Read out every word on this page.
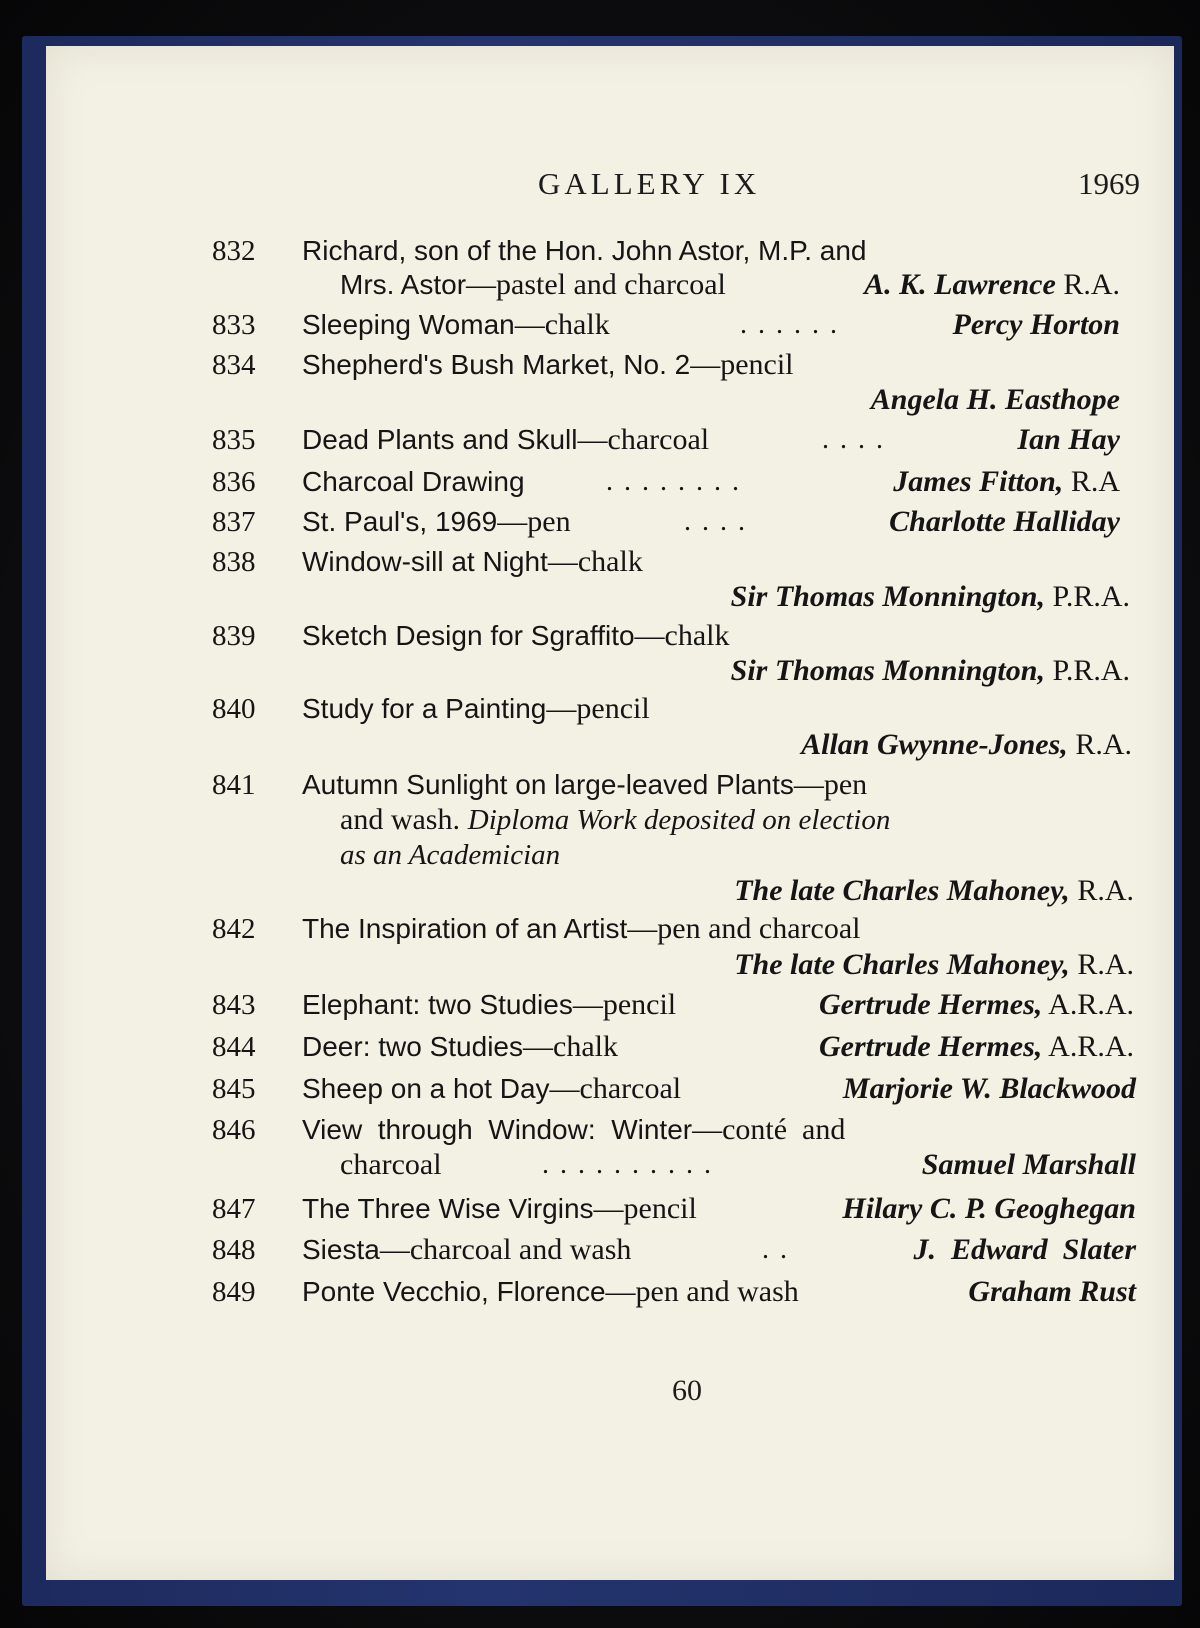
GALLERY IX	1969
832 Richard, son of the Hon. John Astor, M.P. and
Mrs. Astor—pastel and charcoal	A. K. Lawrence R.A.
833 Sleeping Woman—chalk	. . . . . .	Percy Horton
834 Shepherd's Bush Market, No. 2—pencil
Angela H. Easthope
835 Dead Plants and Skull—charcoal	. . . .	Ian Hay
836 Charcoal Drawing	. . . . . . . .	James Fitton, R.A
837 St. Paul's, 1969—pen	. . . .	Charlotte Halliday
838 Window-sill at Night—chalk
Sir Thomas Monnington, P.R.A.
839 Sketch Design for Sgraffito—chalk
Sir Thomas Monnington, P.R.A.
840 Study for a Painting—pencil
Allan Gwynne-Jones, R.A.
841 Autumn Sunlight on large-leaved Plants—pen
and wash. Diploma Work deposited on election
as an Academician
The late Charles Mahoney, R.A.
842 The Inspiration of an Artist—pen and charcoal
The late Charles Mahoney, R.A.
843 Elephant: two Studies—pencil	Gertrude Hermes, A.R.A.
844 Deer: two Studies—chalk	Gertrude Hermes, A.R.A.
845 Sheep on a hot Day—charcoal	Marjorie W. Blackwood
846 View  through  Window:  Winter—conté  and
charcoal	. . . . . . . . . .	Samuel Marshall
847 The Three Wise Virgins—pencil	Hilary C. P. Geoghegan
848 Siesta—charcoal and wash	. .	J.  Edward  Slater
849 Ponte Vecchio, Florence—pen and wash	Graham Rust
60
